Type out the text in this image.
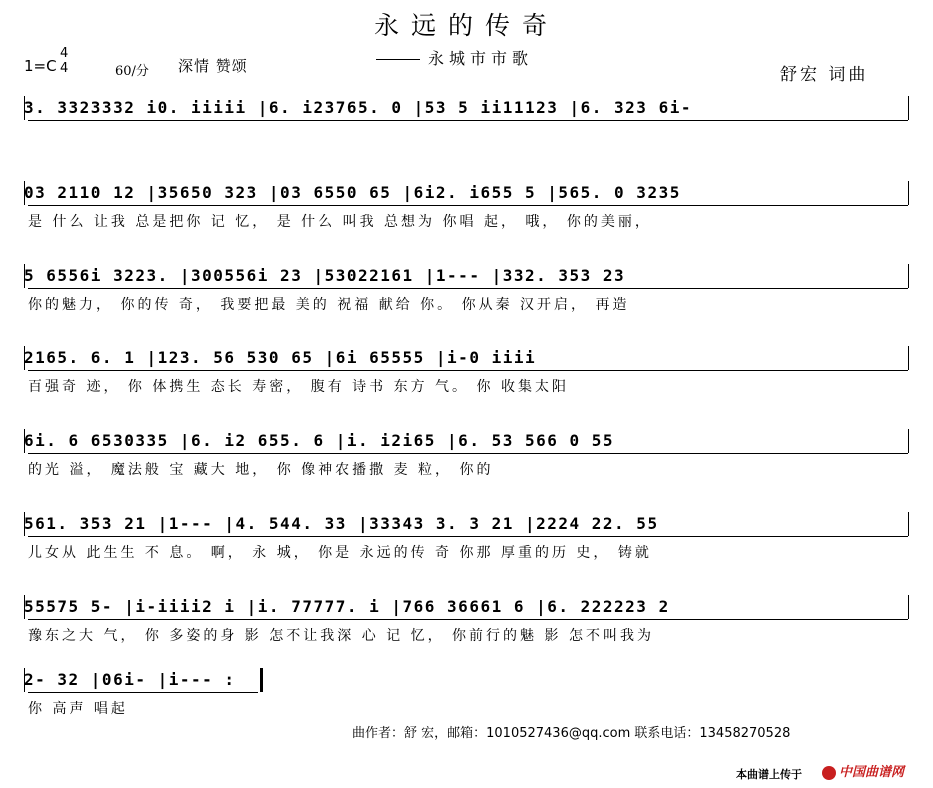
永远的传奇
永城市市歌
1=C
4
4	60/分 深情 赞颂	舒宏 词曲
3. 3323332 i0. iiiii |6. i23765. 0 |53 5 ii11123 |6. 323 6i-
03 2110 12 |35650 323 |03 6550 65 |6i2. i655 5 |565. 0 3235
是 什么 让我 总是把你 记 忆， 是 什么 叫我 总想为 你唱 起， 哦， 你的美丽，
5 6556i 3223. |300556i 23 |53022161 |1--- |332. 353 23
你的魅力， 你的传 奇， 我要把最 美的 祝福 献给 你。 你从秦 汉开启， 再造
2165. 6. 1 |123. 56 530 65 |6i 65555 |i-0 iiii
百强奇 迹， 你 体携生 态长 寿密， 腹有 诗书 东方 气。 你 收集太阳
6i. 6 6530335 |6. i2 655. 6 |i. i2i65 |6. 53 566 0 55
的光 溢， 魔法般 宝 藏大 地， 你 像神农播撒 麦 粒， 你的
561. 353 21 |1--- |4. 544. 33 |33343 3. 3 21 |2224 22. 55
儿女从 此生生 不 息。 啊， 永 城， 你是 永远的传 奇 你那 厚重的历 史， 铸就
55575 5- |i-iiii2 i |i. 77777. i |766 36661 6 |6. 222223 2
豫东之大 气， 你 多姿的身 影 怎不让我深 心 记 忆， 你前行的魅 影 怎不叫我为
2- 32 |06i- |i--- :
你 高声 唱起
曲作者：舒 宏，邮箱：1010527436@qq.com 联系电话：13458270528
本曲谱上传于	中国曲谱网
